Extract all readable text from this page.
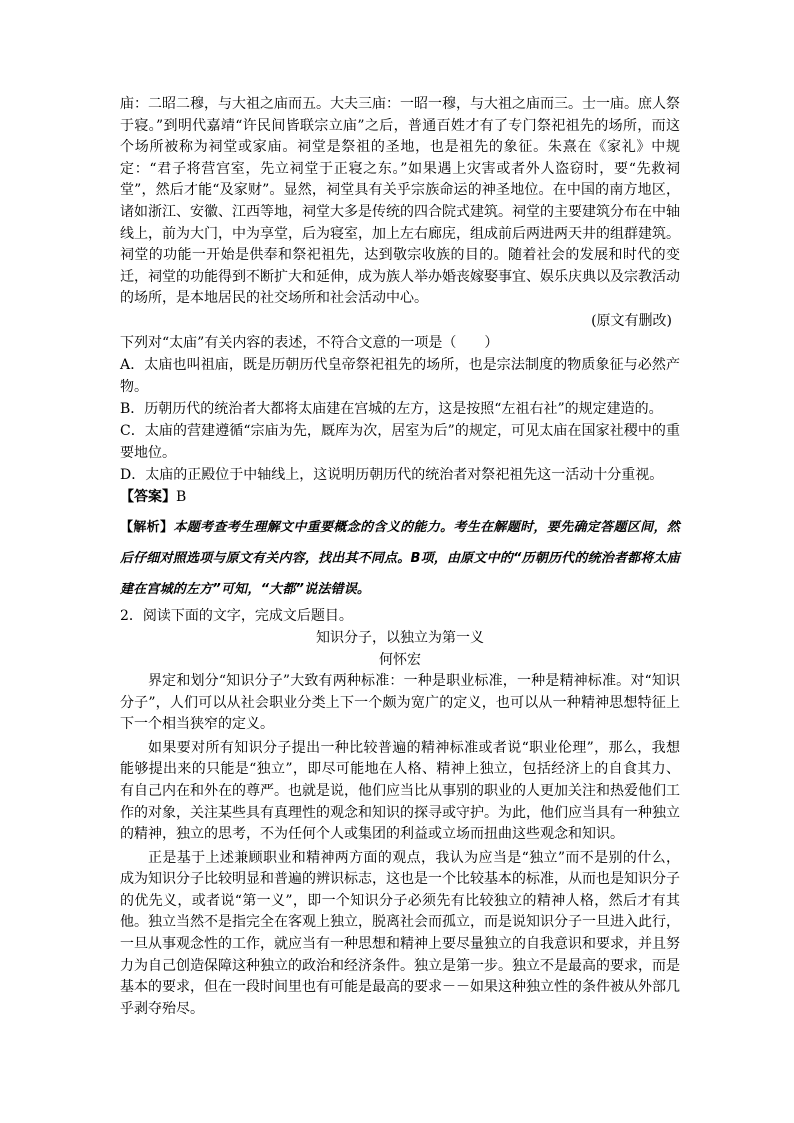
庙：二昭二穆，与大祖之庙而五。大夫三庙：一昭一穆，与大祖之庙而三。士一庙。庶人祭于寝。”到明代嘉靖“许民间皆联宗立庙”之后，普通百姓才有了专门祭祀祖先的场所，而这个场所被称为祠堂或家庙。祠堂是祭祖的圣地，也是祖先的象征。朱熹在《家礼》中规定：“君子将营宫室，先立祠堂于正寝之东。”如果遇上灾害或者外人盗窃时，要“先救祠堂”，然后才能“及家财”。显然，祠堂具有关乎宗族命运的神圣地位。在中国的南方地区，诸如浙江、安徽、江西等地，祠堂大多是传统的四合院式建筑。祠堂的主要建筑分布在中轴线上，前为大门，中为享堂，后为寝室，加上左右廊庑，组成前后两进两天井的组群建筑。祠堂的功能一开始是供奉和祭祀祖先，达到敬宗收族的目的。随着社会的发展和时代的变迁，祠堂的功能得到不断扩大和延伸，成为族人举办婚丧嫁娶事宜、娱乐庆典以及宗教活动的场所，是本地居民的社交场所和社会活动中心。

(原文有删改)

下列对“太庙”有关内容的表述，不符合文意的一项是（　　）

A．太庙也叫祖庙，既是历朝历代皇帝祭祀祖先的场所，也是宗法制度的物质象征与必然产物。

B．历朝历代的统治者大都将太庙建在宫城的左方，这是按照“左祖右社”的规定建造的。

C．太庙的营建遵循“宗庙为先，厩库为次，居室为后”的规定，可见太庙在国家社稷中的重要地位。

D．太庙的正殿位于中轴线上，这说明历朝历代的统治者对祭祀祖先这一活动十分重视。

【答案】B

【解析】本题考查考生理解文中重要概念的含义的能力。考生在解题时，要先确定答题区间，然后仔细对照选项与原文有关内容，找出其不同点。B项，由原文中的“历朝历代的统治者都将太庙建在宫城的左方”可知，“大都”说法错误。

2．阅读下面的文字，完成文后题目。

知识分子，以独立为第一义

何怀宏

界定和划分“知识分子”大致有两种标准：一种是职业标准，一种是精神标准。对“知识分子”，人们可以从社会职业分类上下一个颇为宽广的定义，也可以从一种精神思想特征上下一个相当狭窄的定义。

如果要对所有知识分子提出一种比较普遍的精神标准或者说“职业伦理”，那么，我想能够提出来的只能是“独立”，即尽可能地在人格、精神上独立，包括经济上的自食其力、有自己内在和外在的尊严。也就是说，他们应当比从事别的职业的人更加关注和热爱他们工作的对象，关注某些具有真理性的观念和知识的探寻或守护。为此，他们应当具有一种独立的精神，独立的思考，不为任何个人或集团的利益或立场而扭曲这些观念和知识。

正是基于上述兼顾职业和精神两方面的观点，我认为应当是“独立”而不是别的什么，成为知识分子比较明显和普遍的辨识标志，这也是一个比较基本的标准，从而也是知识分子的优先义，或者说“第一义”，即一个知识分子必须先有比较独立的精神人格，然后才有其他。独立当然不是指完全在客观上独立，脱离社会而孤立，而是说知识分子一旦进入此行，一旦从事观念性的工作，就应当有一种思想和精神上要尽量独立的自我意识和要求，并且努力为自己创造保障这种独立的政治和经济条件。独立是第一步。独立不是最高的要求，而是基本的要求，但在一段时间里也有可能是最高的要求－－如果这种独立性的条件被从外部几乎剥夺殆尽。
